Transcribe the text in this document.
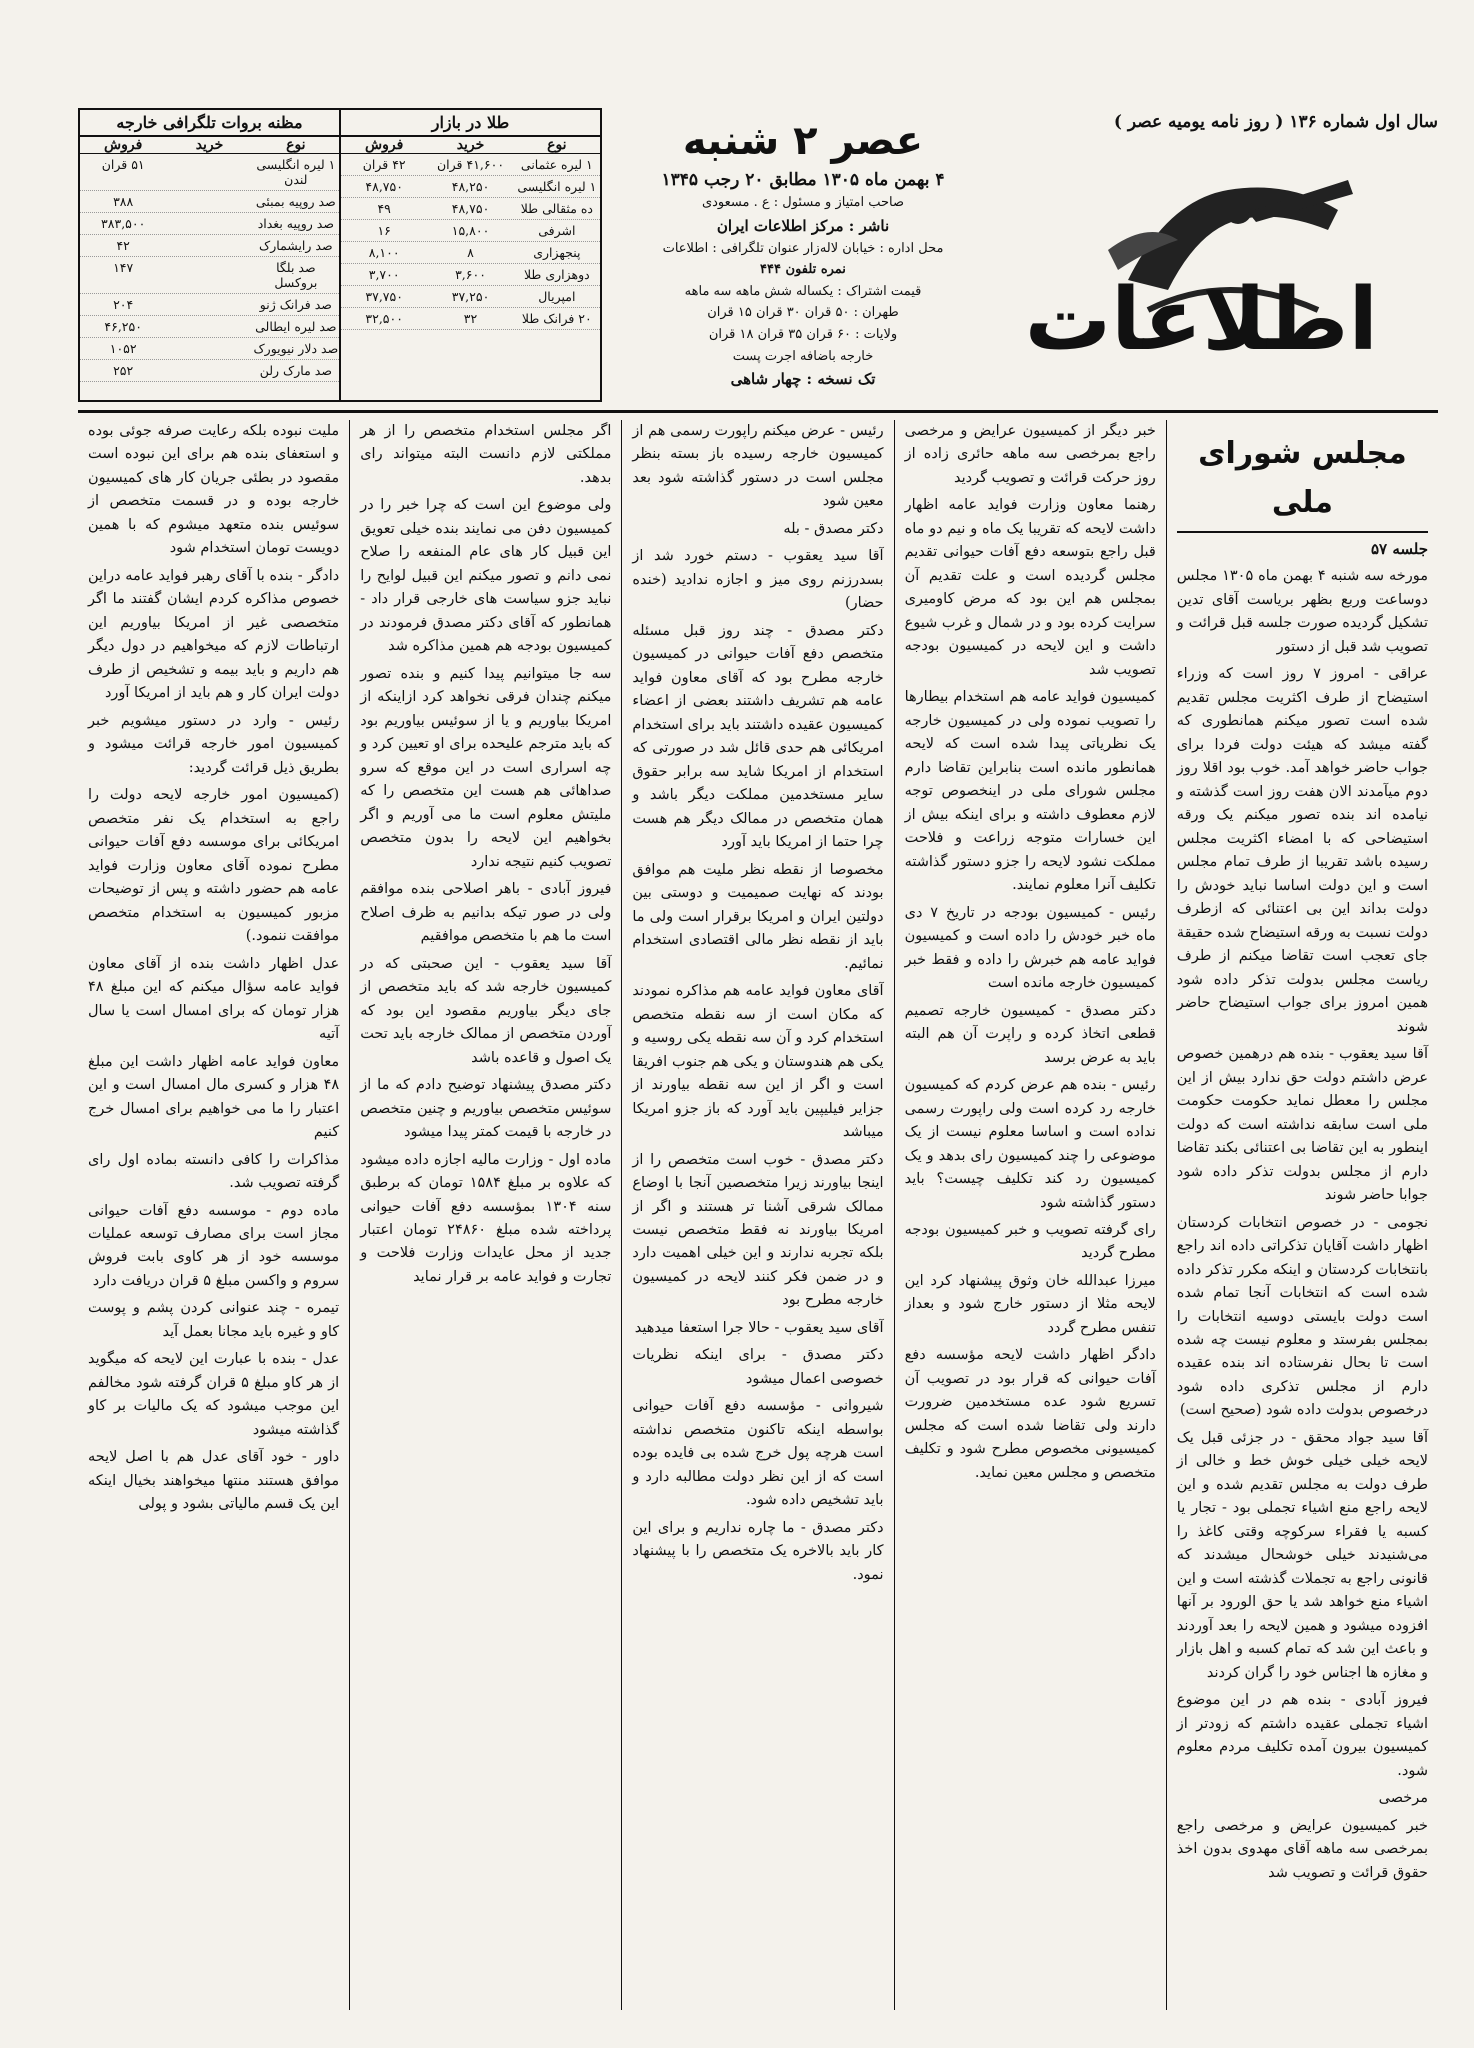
سال اول شماره ۱۳۶ ( روز نامه یومیه عصر )
اطلاعات
عصر ۲ شنبه
۴ بهمن ماه ۱۳۰۵ مطابق ۲۰ رجب ۱۳۴۵
صاحب امتیاز و مسئول : ع . مسعودی
ناشر : مرکز اطلاعات ایران
محل اداره : خیابان لاله‌زار عنوان تلگرافی : اطلاعات
نمره تلفون ۴۴۴
قیمت اشتراک : یکساله شش ماهه سه ماهه
طهران : ۵۰ قران ۳۰ قران ۱۵ قران
ولایات : ۶۰ قران ۳۵ قران ۱۸ قران
خارجه باضافه اجرت پست
تک نسخه : چهار شاهی
طلا در بازار
نوع
خرید
فروش
۱ لیره عثمانی
۴۱,۶۰۰ قران
۴۲ قران
۱ لیره انگلیسی
۴۸,۲۵۰
۴۸,۷۵۰
ده مثقالی طلا
۴۸,۷۵۰
۴۹
اشرفی
۱۵,۸۰۰
۱۶
پنجهزاری
۸
۸,۱۰۰
دوهزاری طلا
۳,۶۰۰
۳,۷۰۰
امپریال
۳۷,۲۵۰
۳۷,۷۵۰
۲۰ فرانک طلا
۳۲
۳۲,۵۰۰
مظنه بروات تلگرافی خارجه
نوع
خرید
فروش
۱ لیره انگلیسی لندن
۵۱ قران
صد روپیه بمبئی
۳۸۸
صد روپیه بغداد
۳۸۳,۵۰۰
صد رایشمارک
۴۲
صد بلگا بروکسل
۱۴۷
صد فرانک ژنو
۲۰۴
صد لیره ایطالی
۴۶,۲۵۰
صد دلار نیویورک
۱۰۵۲
صد مارک رلن
۲۵۲
مجلس شورای ملی

جلسه ۵۷

مورخه سه شنبه ۴ بهمن ماه ۱۳۰۵ مجلس دوساعت وربع بظهر بریاست آقای تدین تشکیل گردیده صورت جلسه قبل قرائت و تصویب شد قبل از دستور

عراقی - امروز ۷ روز است که وزراء استیضاح از طرف اکثریت مجلس تقدیم شده است تصور میکنم همانطوری که گفته میشد که هیئت دولت فردا برای جواب حاضر خواهد آمد. خوب بود اقلا روز دوم میآمدند الان هفت روز است گذشته و نیامده اند بنده تصور میکنم یک ورقه استیضاحی که با امضاء اکثریت مجلس رسیده باشد تقریبا از طرف تمام مجلس است و این دولت اساسا نباید خودش را دولت بداند این بی اعتنائی که ازطرف دولت نسبت به ورقه استیضاح شده حقیقة جای تعجب است تقاضا میکنم از طرف ریاست مجلس بدولت تذکر داده شود همین امروز برای جواب استیضاح حاضر شوند

آقا سید یعقوب - بنده هم درهمین خصوص عرض داشتم دولت حق ندارد بیش از این مجلس را معطل نماید حکومت حکومت ملی است سابقه نداشته است که دولت اینطور به این تقاضا بی اعتنائی بکند تقاضا دارم از مجلس بدولت تذکر داده شود جوابا حاضر شوند

نجومی - در خصوص انتخابات کردستان اظهار داشت آقایان تذکراتی داده اند راجع بانتخابات کردستان و اینکه مکرر تذکر داده شده است که انتخابات آنجا تمام شده است دولت بایستی دوسیه انتخابات را بمجلس بفرستد و معلوم نیست چه شده است تا بحال نفرستاده اند بنده عقیده دارم از مجلس تذکری داده شود درخصوص بدولت داده شود (صحیح است)

آقا سید جواد محقق - در جزئی قبل یک لایحه خیلی خیلی خوش خط و خالی از طرف دولت به مجلس تقدیم شده و این لایحه راجع منع اشیاء تجملی بود - تجار یا کسبه یا فقراء سرکوچه وقتی کاغذ را می‌شنیدند خیلی خوشحال میشدند که قانونی راجع به تجملات گذشته است و این اشیاء منع خواهد شد یا حق الورود بر آنها افزوده میشود و همین لایحه را بعد آوردند و باعث این شد که تمام کسبه و اهل بازار و مغازه ها اجناس خود را گران کردند

فیروز آبادی - بنده هم در این موضوع اشیاء تجملی عقیده داشتم که زودتر از کمیسیون بیرون آمده تکلیف مردم معلوم شود.

مرخصی

خبر کمیسیون عرایض و مرخصی راجع بمرخصی سه ماهه آقای مهدوی بدون اخذ حقوق قرائت و تصویب شد

خبر دیگر از کمیسیون عرایض و مرخصی راجع بمرخصی سه ماهه حائری زاده از روز حرکت قرائت و تصویب گردید

رهنما معاون وزارت فواید عامه اظهار داشت لایحه که تقریبا یک ماه و نیم دو ماه قبل راجع بتوسعه دفع آفات حیوانی تقدیم مجلس گردیده است و علت تقدیم آن بمجلس هم این بود که مرض کاومیری سرایت کرده بود و در شمال و غرب شیوع داشت و این لایحه در کمیسیون بودجه تصویب شد

کمیسیون فواید عامه هم استخدام بیطارها را تصویب نموده ولی در کمیسیون خارجه یک نظریاتی پیدا شده است که لایحه همانطور مانده است بنابراین تقاضا دارم مجلس شورای ملی در اینخصوص توجه لازم معطوف داشته و برای اینکه بیش از این خسارات متوجه زراعت و فلاحت مملکت نشود لایحه را جزو دستور گذاشته تکلیف آنرا معلوم نمایند.

رئیس - کمیسیون بودجه در تاریخ ۷ دی ماه خبر خودش را داده است و کمیسیون فواید عامه هم خبرش را داده و فقط خبر کمیسیون خارجه مانده است

دکتر مصدق - کمیسیون خارجه تصمیم قطعی اتخاذ کرده و راپرت آن هم البته باید به عرض برسد

رئیس - بنده هم عرض کردم که کمیسیون خارجه رد کرده است ولی راپورت رسمی نداده است و اساسا معلوم نیست از یک موضوعی را چند کمیسیون رای بدهد و یک کمیسیون رد کند تکلیف چیست؟ باید دستور گذاشته شود

رای گرفته تصویب و خبر کمیسیون بودجه مطرح گردید

میرزا عبدالله خان وثوق پیشنهاد کرد این لایحه مثلا از دستور خارج شود و بعداز تنفس مطرح گردد

دادگر اظهار داشت لایحه مؤسسه دفع آفات حیوانی که قرار بود در تصویب آن تسریع شود عده مستخدمین ضرورت دارند ولی تقاضا شده است که مجلس کمیسیونی مخصوص مطرح شود و تکلیف متخصص و مجلس معین نماید.

رئیس - عرض میکنم راپورت رسمی هم از کمیسیون خارجه رسیده باز بسته بنظر مجلس است در دستور گذاشته شود بعد معین شود

دکتر مصدق - بله

آقا سید یعقوب - دستم خورد شد از بسدرزنم روی میز و اجازه ندادید (خنده حضار)

دکتر مصدق - چند روز قبل مسئله متخصص دفع آفات حیوانی در کمیسیون خارجه مطرح بود که آقای معاون فواید عامه هم تشریف داشتند بعضی از اعضاء کمیسیون عقیده داشتند باید برای استخدام امریکائی هم حدی قائل شد در صورتی که استخدام از امریکا شاید سه برابر حقوق سایر مستخدمین مملکت دیگر باشد و همان متخصص در ممالک دیگر هم هست چرا حتما از امریکا باید آورد

مخصوصا از نقطه نظر ملیت هم موافق بودند که نهایت صمیمیت و دوستی بین دولتین ایران و امریکا برقرار است ولی ما باید از نقطه نظر مالی اقتصادی استخدام نمائیم.

آقای معاون فواید عامه هم مذاکره نمودند که مکان است از سه نقطه متخصص استخدام کرد و آن سه نقطه یکی روسیه و یکی هم هندوستان و یکی هم جنوب افریقا است و اگر از این سه نقطه بیاورند از جزایر فیلیپین باید آورد که باز جزو امریکا میباشد

دکتر مصدق - خوب است متخصص را از اینجا بیاورند زیرا متخصصین آنجا با اوضاع ممالک شرقی آشنا تر هستند و اگر از امریکا بیاورند نه فقط متخصص نیست بلکه تجربه ندارند و این خیلی اهمیت دارد و در ضمن فکر کنند لایحه در کمیسیون خارجه مطرح بود

آقای سید یعقوب - حالا جرا استعفا میدهید

دکتر مصدق - برای اینکه نظریات خصوصی اعمال میشود

شیروانی - مؤسسه دفع آفات حیوانی بواسطه اینکه تاکنون متخصص نداشته است هرچه پول خرج شده بی فایده بوده است که از این نظر دولت مطالبه دارد و باید تشخیص داده شود.

دکتر مصدق - ما چاره نداریم و برای این کار باید بالاخره یک متخصص را با پیشنهاد نمود.

اگر مجلس استخدام متخصص را از هر مملکتی لازم دانست البته میتواند رای بدهد.

ولی موضوع این است که چرا خبر را در کمیسیون دفن می نمایند بنده خیلی تعویق این قبیل کار های عام المنفعه را صلاح نمی دانم و تصور میکنم این قبیل لوایح را نباید جزو سیاست های خارجی قرار داد - همانطور که آقای دکتر مصدق فرمودند در کمیسیون بودجه هم همین مذاکره شد

سه جا میتوانیم پیدا کنیم و بنده تصور میکنم چندان فرقی نخواهد کرد ازاینکه از امریکا بیاوریم و یا از سوئیس بیاوریم بود که باید مترجم علیحده برای او تعیین کرد و چه اسراری است در این موقع که سرو صداهائی هم هست این متخصص را که ملیتش معلوم است ما می آوریم و اگر بخواهیم این لایحه را بدون متخصص تصویب کنیم نتیجه ندارد

فیروز آبادی - باهر اصلاحی بنده موافقم ولی در صور تیکه بدانیم به ظرف اصلاح است ما هم با متخصص موافقیم

آقا سید یعقوب - این صحبتی که در کمیسیون خارجه شد که باید متخصص از جای دیگر بیاوریم مقصود این بود که آوردن متخصص از ممالک خارجه باید تحت یک اصول و قاعده باشد

دکتر مصدق پیشنهاد توضیح دادم که ما از سوئیس متخصص بیاوریم و چنین متخصص در خارجه با قیمت کمتر پیدا میشود

ماده اول - وزارت مالیه اجازه داده میشود که علاوه بر مبلغ ۱۵۸۴ تومان که برطبق سنه ۱۳۰۴ بمؤسسه دفع آفات حیوانی پرداخته شده مبلغ ۲۴۸۶۰ تومان اعتبار جدید از محل عایدات وزارت فلاحت و تجارت و فواید عامه بر قرار نماید

ملیت نبوده بلکه رعایت صرفه جوئی بوده و استعفای بنده هم برای این نبوده است مقصود در بطئی جریان کار های کمیسیون خارجه بوده و در قسمت متخصص از سوئیس بنده متعهد میشوم که با همین دویست تومان استخدام شود

دادگر - بنده با آقای رهبر فواید عامه دراین خصوص مذاکره کردم ایشان گفتند ما اگر متخصصی غیر از امریکا بیاوریم این ارتباطات لازم که میخواهیم در دول دیگر هم داریم و باید بیمه و تشخیص از طرف دولت ایران کار و هم باید از امریکا آورد

رئیس - وارد در دستور میشویم خبر کمیسیون امور خارجه قرائت میشود و بطریق ذیل قرائت گردید:

(کمیسیون امور خارجه لایحه دولت را راجع به استخدام یک نفر متخصص امریکائی برای موسسه دفع آفات حیوانی مطرح نموده آقای معاون وزارت فواید عامه هم حضور داشته و پس از توضیحات مزبور کمیسیون به استخدام متخصص موافقت ننمود.)

عدل اظهار داشت بنده از آقای معاون فواید عامه سؤال میکنم که این مبلغ ۴۸ هزار تومان که برای امسال است یا سال آتیه

معاون فواید عامه اظهار داشت این مبلغ ۴۸ هزار و کسری مال امسال است و این اعتبار را ما می خواهیم برای امسال خرج کنیم

مذاکرات را کافی دانسته بماده اول رای گرفته تصویب شد.

ماده دوم - موسسه دفع آفات حیوانی مجاز است برای مصارف توسعه عملیات موسسه خود از هر کاوی بابت فروش سروم و واکسن مبلغ ۵ قران دریافت دارد

تیمره - چند عنوانی کردن پشم و پوست کاو و غیره باید مجانا بعمل آید

عدل - بنده با عبارت این لایحه که میگوید از هر کاو مبلغ ۵ قران گرفته شود مخالفم این موجب میشود که یک مالیات بر کاو گذاشته میشود

داور - خود آقای عدل هم با اصل لایحه موافق هستند منتها میخواهند بخیال اینکه این یک قسم مالیاتی بشود و پولی
